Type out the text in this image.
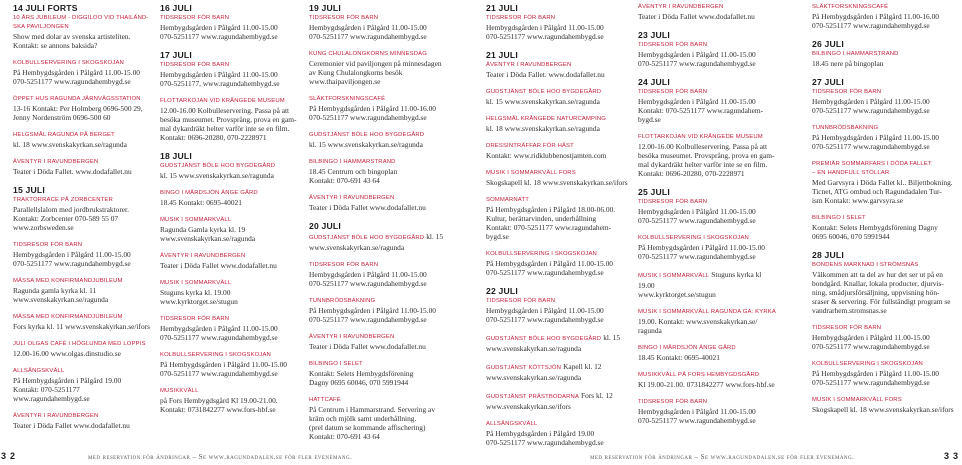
14 JULI FORTS
10 ÅRS JUBILEUM - DIGGILOO VID THAILÄND-
SKA PAVILJONGEN
Show med dolar av svenska artisteliten.
Kontakt: se annons baksida?
KOLBULLSERVERING I SKOGSKOJAN
På Hembygdsgården i Pålgård 11.00-15.00
070-5251177 www.ragundahembygd.se
ÖPPET HUS RAGUNDA JÄRNVÄGSSTATION
13-16 Kontakt: Per Holmberg 0696-500 29,
Jenny Nordenström 0696-500 60
HELGSMÅL RAGUNDA PÅ BERGET
kl. 18 www.svenskakyrkan.se/ragunda
ÄVENTYR I RAVUNDBERGEN
Teater i Döda Fallet. www.dodafallet.nu
15 JULI
TRAKTORRACE PÅ ZORBCENTER
Parallellslalom med jordbrukstraktorer.
Kontakt: Zorbcenter 070-589 55 07
www.zorbsweden.se
TIDSRESOR FÖR BARN
Hembygdsgården i Pålgård 11.00-15.00
070-5251177 www.ragundahembygd.se
MÄSSA MED KONFIRMANDJUBILEUM
Ragunda gamla kyrka kl. 11
www.svenskakyrkan.se/ragunda
MÄSSA MED KONFIRMANDJUBILEUM
Fors kyrka kl. 11 www.svenskakyrkan.se/ifors
JULI OLGAS CAFÉ I HÖGLUNDA MED LOPPIS
12.00-16.00 www.olgas.dinstudio.se
ALLSÅNGSKVÄLL
På Hembygdsgården i Pålgård 19.00
Kontakt: 070-5251177
www.ragundahembygd.se
ÄVENTYR I RAVUNDBERGEN
Teater i Döda Fallet www.dodafallet.nu
16 JULI
TIDSRESOR FÖR BARN
Hembygdsgården i Pålgård 11.00-15.00
070-5251177 www.ragundahembygd.se
17 JULI
TIDSRESOR FÖR BARN
Hembygdsgården i Pålgård 11.00-15.00
070-5251177, www.ragundahembygd.se
FLOTTARKOJAN VID KRÅNGEDE MUSEUM
12.00-16.00 Kolbulleservering. Passa på att
besöka museumet. Provsprång, prova en gam-
mal dykardräkt helter varför inte se en film.
Kontakt: 0696-20280, 070-2228971
18 JULI
GUDSTJÄNST BÖLE HOO BYGDEGÅRD
kl. 15 www.svenskakyrkan.se/ragunda
BINGO I MÅRDSJÖN ÄNGE GÅRD
18.45 Kontakt: 0695-40021
MUSIK I SOMMARKVÄLL
Ragunda Gamla kyrka kl. 19
www.svenskakyrkan.se/ragunda
ÄVENTYR I RAVUNDBERGEN
Teater i Döda Fallet www.dodafallet.nu
MUSIK I SOMMARKVÄLL
Stuguns kyrka kl. 19.00
www.kyrktorget.se/stugun
TIDSRESOR FÖR BARN
Hembygdsgården i Pålgård 11.00-15.00
070-5251177 www.ragundahembygd.se
KOLBULLSERVERING I SKOGSKOJAN
På Hembygdsgården i Pålgård 11.00-15.00
070-5251177 www.ragundahembygd.se
MUSIKKVÄLL
på Fors Hembygdsgård Kl 19.00-21.00.
Kontakt: 0731842277 www.fors-hbf.se
19 JULI
TIDSRESOR FÖR BARN
Hembygdsgården i Pålgård 11.00-15.00
070-5251177 www.ragundahembygd.se
KUNG CHULALONGKORNS MINNESDAG
Ceremonier vid paviljongen på minnesdagen
av Kung Chulalongkorns besök
www.thaipaviljongen.se
SLÄKTFORSKNINGSCAFÉ
På Hembygdsgården i Pålgård 11.00-16.00
070-5251177 www.ragundahembygd.se
GUDSTJÄNST BÖLE HOO BYGDEGÅRD
kl. 15 www.svenskakyrkan.se/ragunda
BILBINGO I HAMMARSTRAND
18.45 Centrum och bingoplan
Kontakt: 070-691 43 64
ÄVENTYR I RAVUNDBERGEN
Teater i Döda Fallet www.dodafallet.nu
20 JULI
GUDSTJÄNST BÖLE HOO BYGDEGÅRD kl. 15
www.svenskakyrkan.se/ragunda
TIDSRESOR FÖR BARN
Hembygdsgården i Pålgård 11.00-15.00
070-5251177 www.ragundahembygd.se
TUNNBRÖDSBAKNING
På Hembygdsgården i Pålgård 11.00-15.00
070-5251177 www.ragundahembygd.se
ÄVENTYR I RAVUNDBERGEN
Teater i Döda Fallet www.dodafallet.nu
BILBINGO I SELET
Kontakt: Selets Hembygdsförening
Dagny 0695 60046, 070 5991944
HATTCAFÉ
På Centrum i Hammarstrand. Servering av
kräm och mjölk samt underhållning.
(prel datum se kommande affischering)
Kontakt: 070-691 43 64
21 JULI
TIDSRESOR FÖR BARN
Hembygdsgården i Pålgård 11.00-15.00
070-5251177 www.ragundahembygd.se
21 JULI
ÄVENTYR I RAVUNDBERGEN
Teater i Döda Fallet. www.dodafallet.nu
GUDSTJÄNST BÖLE HOO BYGDEGÅRD
kl. 15 www.svenskakyrkan.se/ragunda
HELGSMÅL KRÅNGEDE NATURCAMPING
kl. 18 www.svenskakyrkan.se/ragunda
DRESSINTRÄFFAR FÖR HÄST
Kontakt: www.ridklubbenostjamten.com
MUSIK I SOMMARKVÄLL FORS
Skogskapell kl. 18 www.svenskakyrkan.se/ifors
SOMMARNATT
På Hembygdsgården i Pålgård 18.00-06.00.
Kultur, berättarvinden, underhållning
Kontakt: 070-5251177 www.ragundahem-
bygd.se
KOLBULLSERVERING I SKOGSKOJAN
På Hembygdsgården i Pålgård 11.00-15.00
070-5251177 www.ragundahembygd.se
22 JULI
TIDSRESOR FÖR BARN
Hembygdsgården i Pålgård 11.00-15.00
070-5251177 www.ragundahembygd.se
GUDSTJÄNST BÖLE HOO BYGDEGÅRD kl. 15
www.svenskakyrkan.se/ragunda
GUDSTJÄNST KÖTTSJÖN Kapell kl. 12
www.svenskakyrkan.se/ragunda
GUDSTJÄNST PRÄSTBODARNA Fors kl. 12
www.svenskakyrkan.se/ifors
ALLSÅNGSKVÄLL
På Hembygdsgården i Pålgård 19.00
070-5251177 www.ragundahembygd.se
ÄVENTYR I RAVUNDBERGEN
Teater i Döda Fallet www.dodafallet.nu
23 JULI
TIDSRESOR FÖR BARN
Hembygdsgården i Pålgård 11.00-15.00
070-5251177 www.ragundahembygd.se
24 JULI
TIDSRESOR FÖR BARN
Hembygdsgården i Pålgård 11.00-15.00
Kontakt: 070-5251177 www.ragundahem-
bygd.se
FLOTTARKOJAN VID KRÅNGEDE MUSEUM
12.00-16.00 Kolbulleservering. Passa på att
besöka museumet. Provsprång, prova en gam-
mal dykardräkt helter varför inte se en film.
Kontakt: 0696-20280, 070-2228971
25 JULI
TIDSRESOR FÖR BARN
Hembygdsgården i Pålgård 11.00-15.00
070-5251177 www.ragundahembygd.se
KOLBULLSERVERING I SKOGSKOJAN
På Hembygdsgården i Pålgård 11.00-15.00
070-5251177 www.ragundahembygd.se
MUSIK I SOMMARKVÄLL Stuguns kyrka kl
19.00
www.kyrktorget.se/stugun
MUSIK I SOMMARKVÄLL RAGUNDA GA: KYRKA
19.00. Kontakt: www.svenskakyrkan.se/
ragunda
BINGO I MÅRDSJÖN ÄNGE GÅRD
18.45 Kontakt: 0695-40021
MUSIKKVÄLL PÅ FORS HEMBYGDSGÅRD
Kl 19.00-21.00. 0731842277 www.fors-hbf.se
TIDSRESOR FÖR BARN
Hembygdsgården i Pålgård 11.00-15.00
070-5251177 www.ragundahembygd.se
SLÄKTFORSKNINGSCAFÉ
På Hembygdsgården i Pålgård 11.00-16.00
070-5251177 www.ragundahembygd.se
26 JULI
BILBINGO I HAMMARSTRAND
18.45 nere på bingoplan
27 JULI
TIDSRESOR FÖR BARN
Hembygdsgården i Pålgård 11.00-15.00
070-5251177 www.ragundahembygd.se
TUNNBRÖDSBAKNING
På Hembygdsgården i Pålgård 11.00-15.00
070-5251177 www.ragundahembygd.se
PREMIÄR SOMMARFARS I DÖDA FALLET
– EN HANDFULL STÖLLAR
Med Garvsyra i Döda Fallet kl.. Biljettbokning.
Ticnet, ATG ombud och Ragundadalen Tur-
ism Kontakt: www.garvsyra.se
BILBINGO I SELET
Kontakt: Selets Hembygdsförening Dagny
0695 60046, 070 5991944
28 JULI
BONDENS MARKNAD I STRÖMSNÄS
Välkommen att ta del av hur det ser ut på en
bondgård. Knallar, lokala producter, djurvis-
ning, smådjursförsäljning, uppvisning hön-
sraser & servering. För fullständigt program se
vandrarhem.stromsnas.se
TIDSRESOR FÖR BARN
Hembygdsgården i Pålgård 11.00-15.00
070-5251177 www.ragundahembygd.se
KOLBULLSERVERING I SKOGSKOJAN
På Hembygdsgården i Pålgård 11.00-15.00
070-5251177 www.ragundahembygd.se
MUSIK I SOMMARKVÄLL FORS
Skogskapell kl. 18 www.svenskakyrkan.se/ifors
32	med reservation för ändringar – Se www.ragundadalen.se för fler evenemang.	med reservation för ändringar – Se www.ragundadalen.se för fler evenemang.	33
